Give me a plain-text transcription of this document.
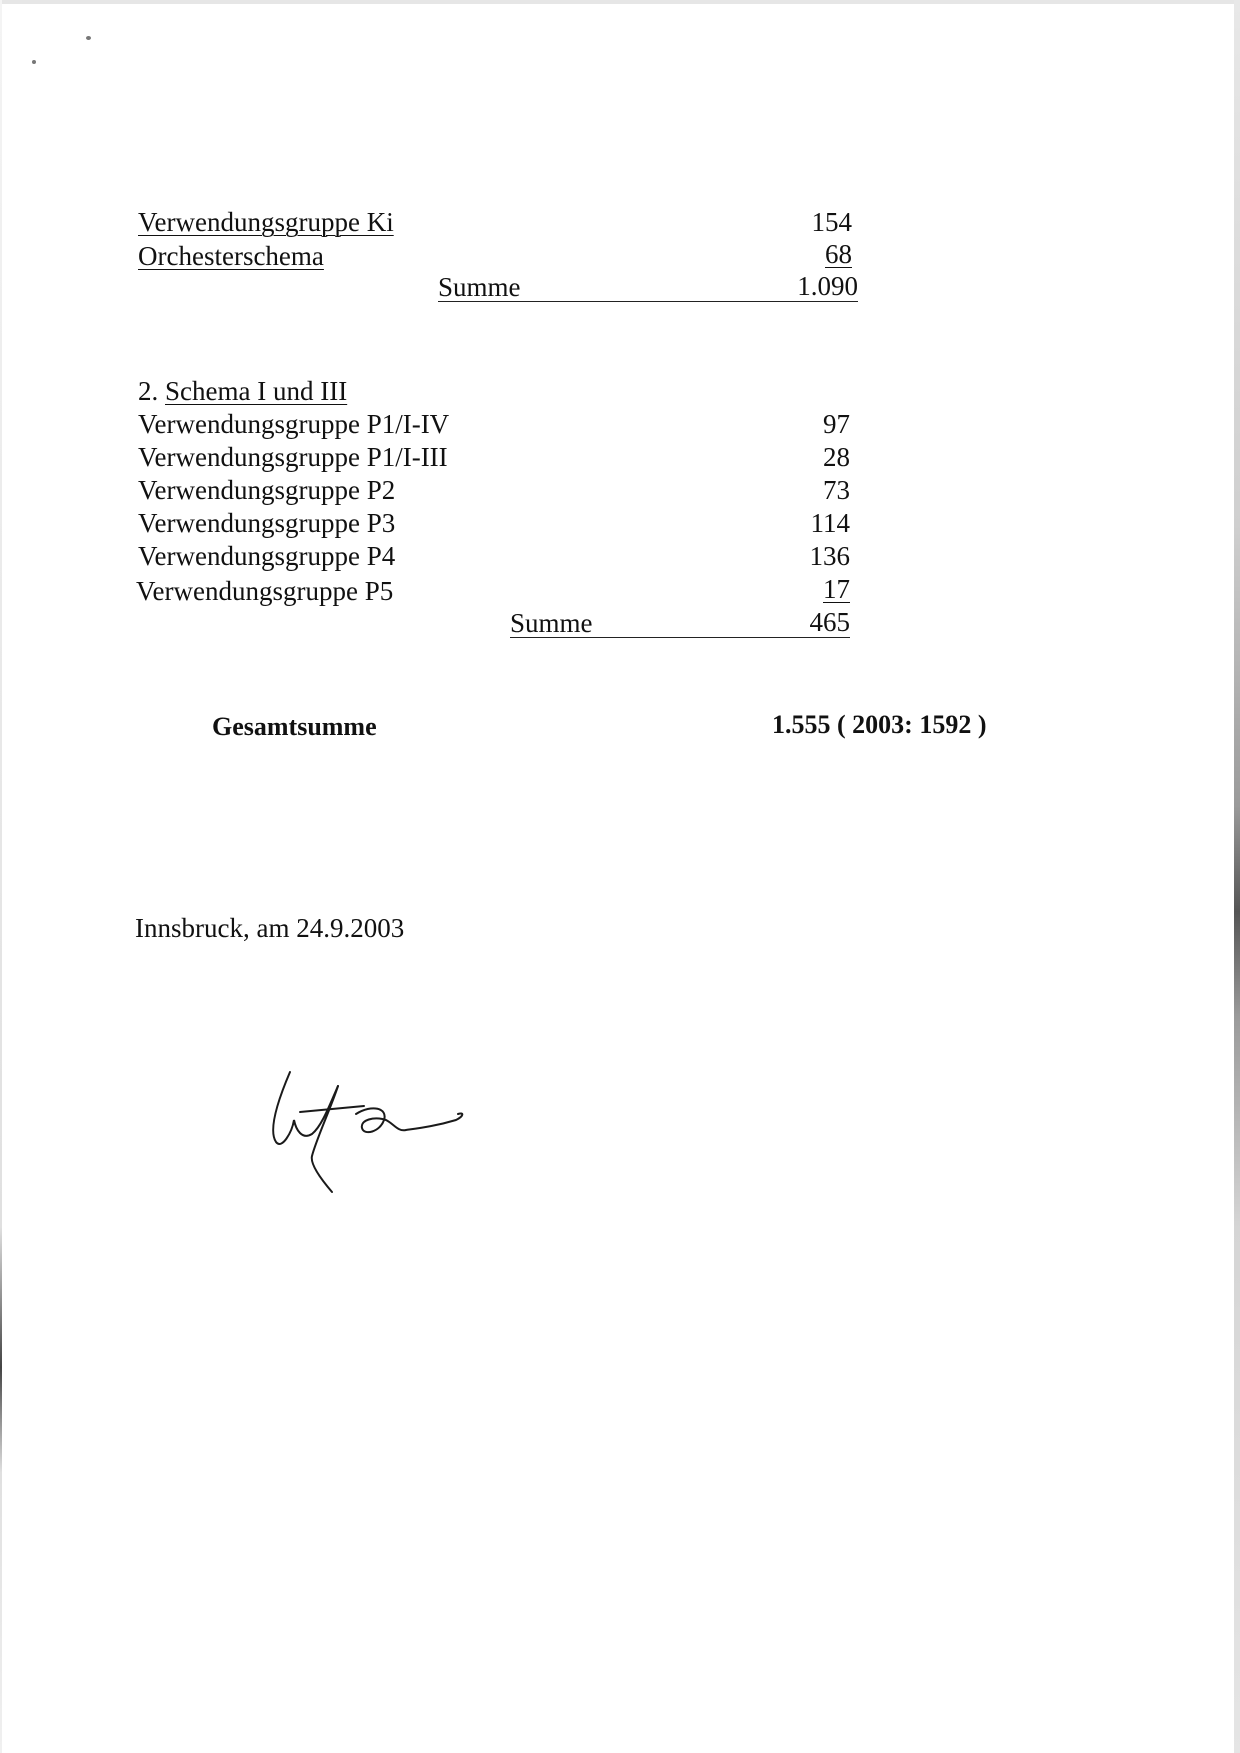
Verwendungsgruppe Ki	154
Orchesterschema	68
Summe	1.090
2. Schema I und III
Verwendungsgruppe P1/I-IV	97
Verwendungsgruppe P1/I-III	28
Verwendungsgruppe P2	73
Verwendungsgruppe P3	114
Verwendungsgruppe P4	136
Verwendungsgruppe P5	17
Summe	465
Gesamtsumme	1.555 ( 2003: 1592 )
Innsbruck, am 24.9.2003
